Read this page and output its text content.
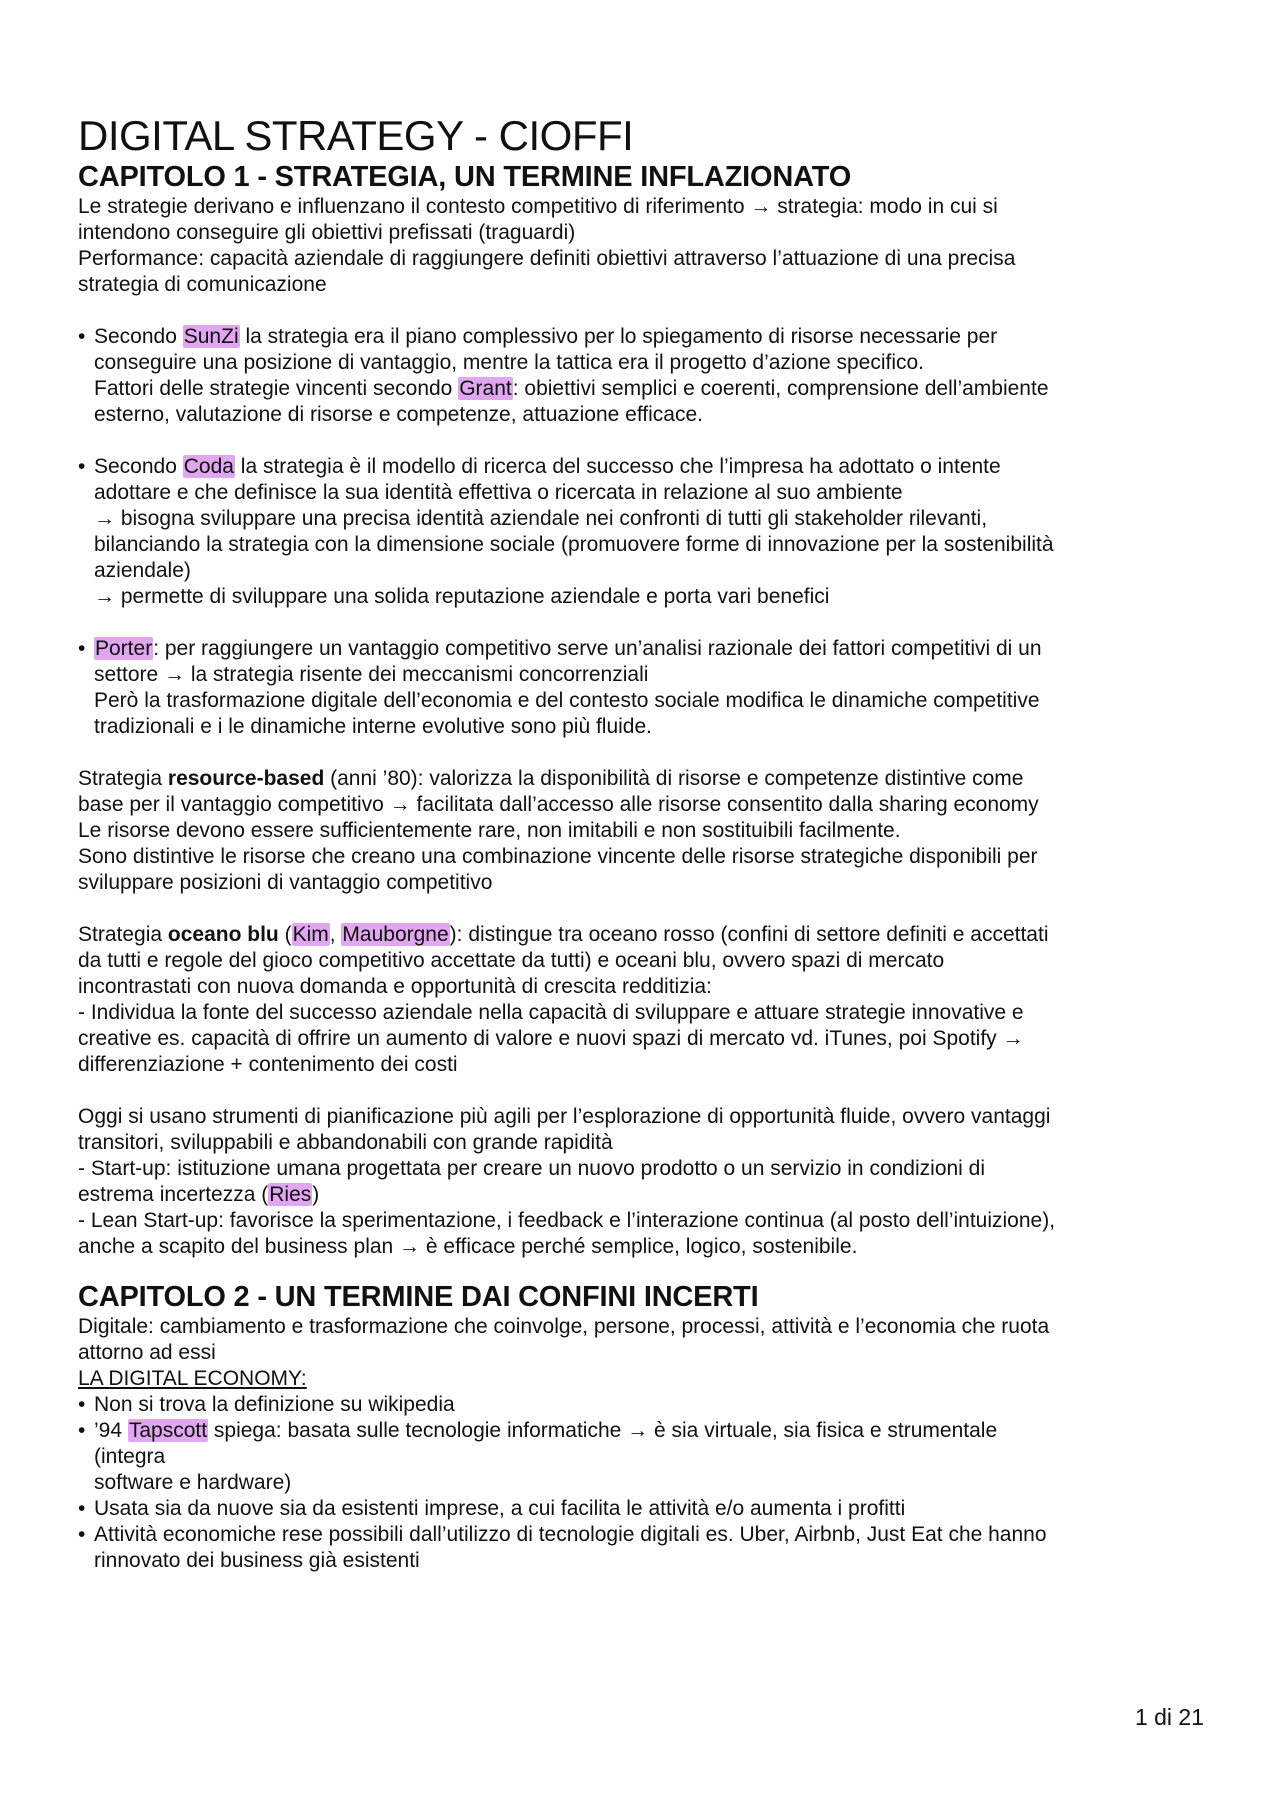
DIGITAL STRATEGY - CIOFFI
CAPITOLO 1 - STRATEGIA, UN TERMINE INFLAZIONATO

Le strategie derivano e influenzano il contesto competitivo di riferimento → strategia: modo in cui si

intendono conseguire gli obiettivi prefissati (traguardi)

Performance: capacità aziendale di raggiungere definiti obiettivi attraverso l’attuazione di una precisa

strategia di comunicazione

• Secondo SunZi la strategia era il piano complessivo per lo spiegamento di risorse necessarie per
conseguire una posizione di vantaggio, mentre la tattica era il progetto d’azione specifico.
Fattori delle strategie vincenti secondo Grant: obiettivi semplici e coerenti, comprensione dell’ambiente
esterno, valutazione di risorse e competenze, attuazione efficace.
• Secondo Coda la strategia è il modello di ricerca del successo che l’impresa ha adottato o intente
adottare e che definisce la sua identità effettiva o ricercata in relazione al suo ambiente
→ bisogna sviluppare una precisa identità aziendale nei confronti di tutti gli stakeholder rilevanti,
bilanciando la strategia con la dimensione sociale (promuovere forme di innovazione per la sostenibilità
aziendale)
→ permette di sviluppare una solida reputazione aziendale e porta vari benefici
• Porter: per raggiungere un vantaggio competitivo serve un’analisi razionale dei fattori competitivi di un
settore → la strategia risente dei meccanismi concorrenziali
Però la trasformazione digitale dell’economia e del contesto sociale modifica le dinamiche competitive
tradizionali e i le dinamiche interne evolutive sono più fluide.

Strategia resource-based (anni ’80): valorizza la disponibilità di risorse e competenze distintive come

base per il vantaggio competitivo → facilitata dall’accesso alle risorse consentito dalla sharing economy

Le risorse devono essere sufficientemente rare, non imitabili e non sostituibili facilmente.

Sono distintive le risorse che creano una combinazione vincente delle risorse strategiche disponibili per

sviluppare posizioni di vantaggio competitivo

Strategia oceano blu (Kim, Mauborgne): distingue tra oceano rosso (confini di settore definiti e accettati

da tutti e regole del gioco competitivo accettate da tutti) e oceani blu, ovvero spazi di mercato

incontrastati con nuova domanda e opportunità di crescita redditizia:

- Individua la fonte del successo aziendale nella capacità di sviluppare e attuare strategie innovative e

creative es. capacità di offrire un aumento di valore e nuovi spazi di mercato vd. iTunes, poi Spotify →

differenziazione + contenimento dei costi

Oggi si usano strumenti di pianificazione più agili per l’esplorazione di opportunità fluide, ovvero vantaggi

transitori, sviluppabili e abbandonabili con grande rapidità

- Start-up: istituzione umana progettata per creare un nuovo prodotto o un servizio in condizioni di

estrema incertezza (Ries)

- Lean Start-up: favorisce la sperimentazione, i feedback e l’interazione continua (al posto dell’intuizione),

anche a scapito del business plan → è efficace perché semplice, logico, sostenibile.

CAPITOLO 2 - UN TERMINE DAI CONFINI INCERTI

Digitale: cambiamento e trasformazione che coinvolge, persone, processi, attività e l’economia che ruota

attorno ad essi

LA DIGITAL ECONOMY:

• Non si trova la definizione su wikipedia
• ’94 Tapscott spiega: basata sulle tecnologie informatiche → è sia virtuale, sia fisica e strumentale
(integra
software e hardware)
• Usata sia da nuove sia da esistenti imprese, a cui facilita le attività e/o aumenta i profitti
• Attività economiche rese possibili dall’utilizzo di tecnologie digitali es. Uber, Airbnb, Just Eat che hanno
rinnovato dei business già esistenti
1 di 21
